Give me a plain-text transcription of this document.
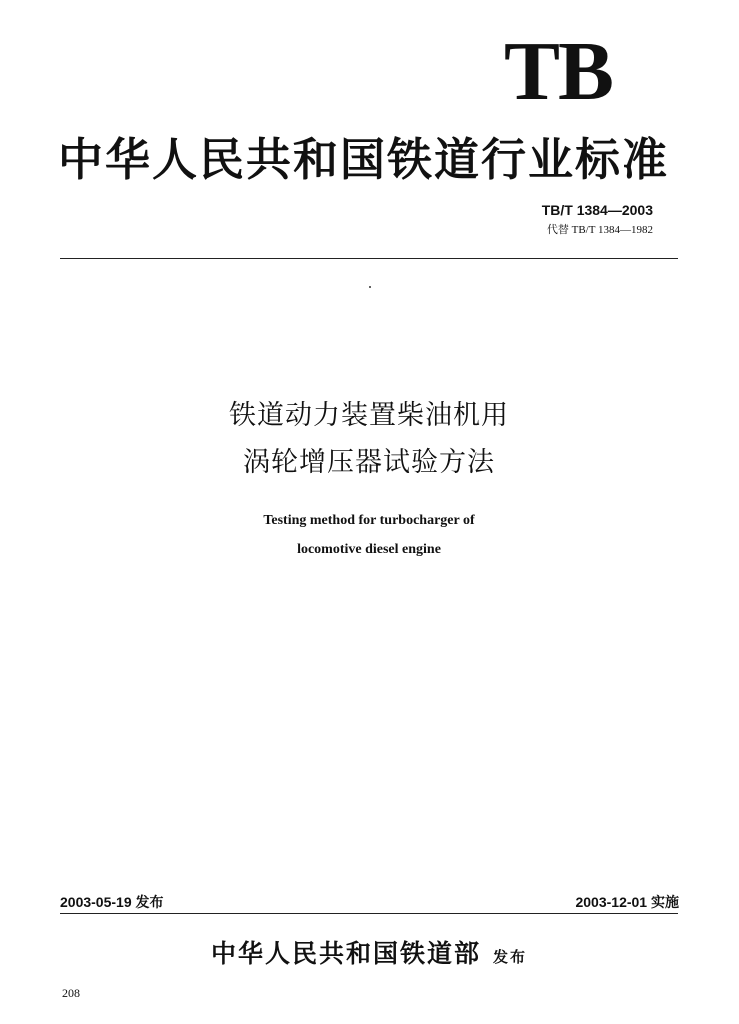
TB
中华人民共和国铁道行业标准
TB/T 1384—2003
代替 TB/T 1384—1982
铁道动力装置柴油机用
涡轮增压器试验方法
Testing method for turbocharger of
locomotive diesel engine
2003-05-19 发布	2003-12-01 实施
中华人民共和国铁道部 发布
208
